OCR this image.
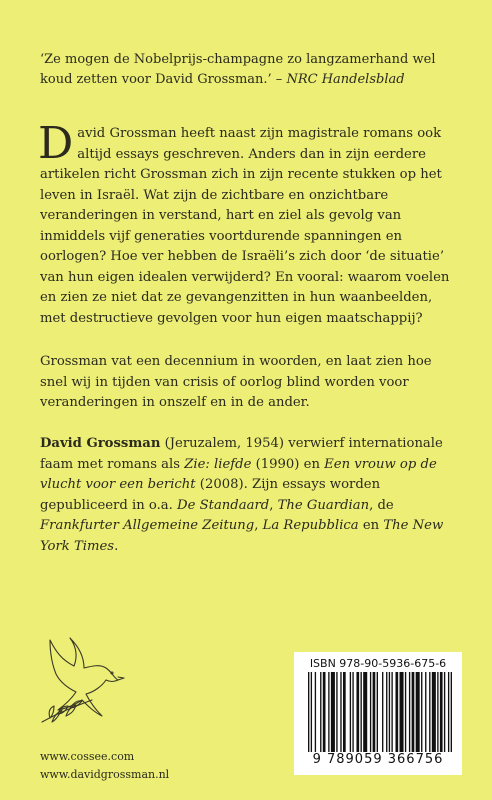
‘Ze mogen de Nobelprijs-champagne zo langzamerhand wel koud zetten voor David Grossman.’ – NRC Handelsblad
D avid Grossman heeft naast zijn magistrale romans ook altijd essays geschreven. Anders dan in zijn eerdere artikelen richt Grossman zich in zijn recente stukken op het leven in Israël. Wat zijn de zichtbare en onzichtbare veranderingen in verstand, hart en ziel als gevolg van inmiddels vijf generaties voortdurende spanningen en oorlogen? Hoe ver hebben de Israëli’s zich door ‘de situatie’ van hun eigen idealen verwijderd? En vooral: waarom voelen en zien ze niet dat ze gevangenzitten in hun waanbeelden, met destructieve gevolgen voor hun eigen maatschappij?
Grossman vat een decennium in woorden, en laat zien hoe snel wij in tijden van crisis of oorlog blind worden voor veranderingen in onszelf en in de ander.
David Grossman (Jeruzalem, 1954) verwierf internationale faam met romans als Zie: liefde (1990) en Een vrouw op de vlucht voor een bericht (2008). Zijn essays worden gepubliceerd in o.a. De Standaard, The Guardian, de Frankfurter Allgemeine Zeitung, La Repubblica en The New York Times.
www.cossee.com
www.davidgrossman.nl
ISBN 978-90-5936-675-6
9 789059 366756
